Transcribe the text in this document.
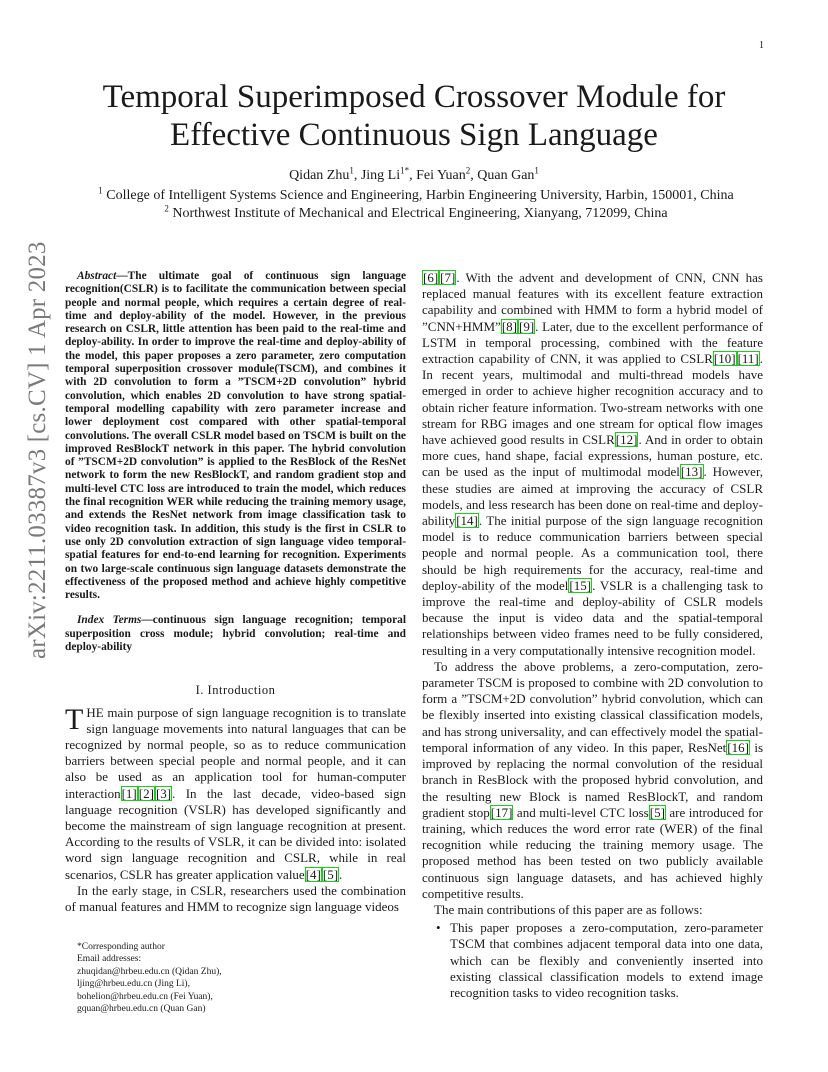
1
arXiv:2211.03387v3 [cs.CV] 1 Apr 2023
Temporal Superimposed Crossover Module for Effective Continuous Sign Language
Qidan Zhu$^1$, Jing $Li^{1*}$, Fei Yuan$^2$, Quan Gan$^1$
$^1$ College of Intelligent Systems Science and Engineering, Harbin Engineering University, Harbin, 150001, China
$^2$ Northwest Institute of Mechanical and Electrical Engineering, Xianyang, 712099, China

Abstract—The ultimate goal of continuous sign language recognition(CSLR) is to facilitate the communication between special people and normal people, which requires a certain degree of real-time and deploy-ability of the model. However, in the previous research on CSLR, little attention has been paid to the real-time and deploy-ability. In order to improve the real-time and deploy-ability of the model, this paper proposes a zero parameter, zero computation temporal superposition crossover module(TSCM), and combines it with 2D convolution to form a ”TSCM+2D convolution” hybrid convolution, which enables 2D convolution to have strong spatial-temporal modelling capability with zero parameter increase and lower deployment cost compared with other spatial-temporal convolutions. The overall CSLR model based on TSCM is built on the improved ResBlockT network in this paper. The hybrid convolution of ”TSCM+2D convolution” is applied to the ResBlock of the ResNet network to form the new ResBlockT, and random gradient stop and multi-level CTC loss are introduced to train the model, which reduces the final recognition WER while reducing the training memory usage, and extends the ResNet network from image classification task to video recognition task. In addition, this study is the first in CSLR to use only 2D convolution extraction of sign language video temporal-spatial features for end-to-end learning for recognition. Experiments on two large-scale continuous sign language datasets demonstrate the effectiveness of the proposed method and achieve highly competitive results.

Index Terms—continuous sign language recognition; temporal superposition cross module; hybrid convolution; real-time and deploy-ability

I. Introduction

THE main purpose of sign language recognition is to translate sign language movements into natural languages that can be recognized by normal people, so as to reduce communication barriers between special people and normal people, and it can also be used as an application tool for human-computer interaction[1] [2] [3]. In the last decade, video-based sign language recognition (VSLR) has developed significantly and become the mainstream of sign language recognition at present. According to the results of VSLR, it can be divided into: isolated word sign language recognition and CSLR, while in real scenarios, CSLR has greater application value[4] [5].

In the early stage, in CSLR, researchers used the combination of manual features and HMM to recognize sign language videos

[6] [7]. With the advent and development of CNN, CNN has replaced manual features with its excellent feature extraction capability and combined with HMM to form a hybrid model of ”CNN+HMM”[8] [9]. Later, due to the excellent performance of LSTM in temporal processing, combined with the feature extraction capability of CNN, it was applied to CSLR[10] [11]. In recent years, multimodal and multi-thread models have emerged in order to achieve higher recognition accuracy and to obtain richer feature information. Two-stream networks with one stream for RBG images and one stream for optical flow images have achieved good results in CSLR[12]. And in order to obtain more cues, hand shape, facial expressions, human posture, etc. can be used as the input of multimodal model[13]. However, these studies are aimed at improving the accuracy of CSLR models, and less research has been done on real-time and deploy-ability[14]. The initial purpose of the sign language recognition model is to reduce communication barriers between special people and normal people. As a communication tool, there should be high requirements for the accuracy, real-time and deploy-ability of the model[15]. VSLR is a challenging task to improve the real-time and deploy-ability of CSLR models because the input is video data and the spatial-temporal relationships between video frames need to be fully considered, resulting in a very computationally intensive recognition model.

To address the above problems, a zero-computation, zero-parameter TSCM is proposed to combine with 2D convolution to form a ”TSCM+2D convolution” hybrid convolution, which can be flexibly inserted into existing classical classification models, and has strong universality, and can effectively model the spatial-temporal information of any video. In this paper, ResNet[16] is improved by replacing the normal convolution of the residual branch in ResBlock with the proposed hybrid convolution, and the resulting new Block is named ResBlockT, and random gradient stop[17] and multi-level CTC loss[5] are introduced for training, which reduces the word error rate (WER) of the final recognition while reducing the training memory usage. The proposed method has been tested on two publicly available continuous sign language datasets, and has achieved highly competitive results.

The main contributions of this paper are as follows:

• This paper proposes a zero-computation, zero-parameter TSCM that combines adjacent temporal data into one data, which can be flexibly and conveniently inserted into existing classical classification models to extend image recognition tasks to video recognition tasks.

*Corresponding author
Email addresses:
zhuqidan@hrbeu.edu.cn (Qidan Zhu),
ljing@hrbeu.edu.cn (Jing Li),
bohelion@hrbeu.edu.cn (Fei Yuan),
gquan@hrbeu.edu.cn (Quan Gan)
